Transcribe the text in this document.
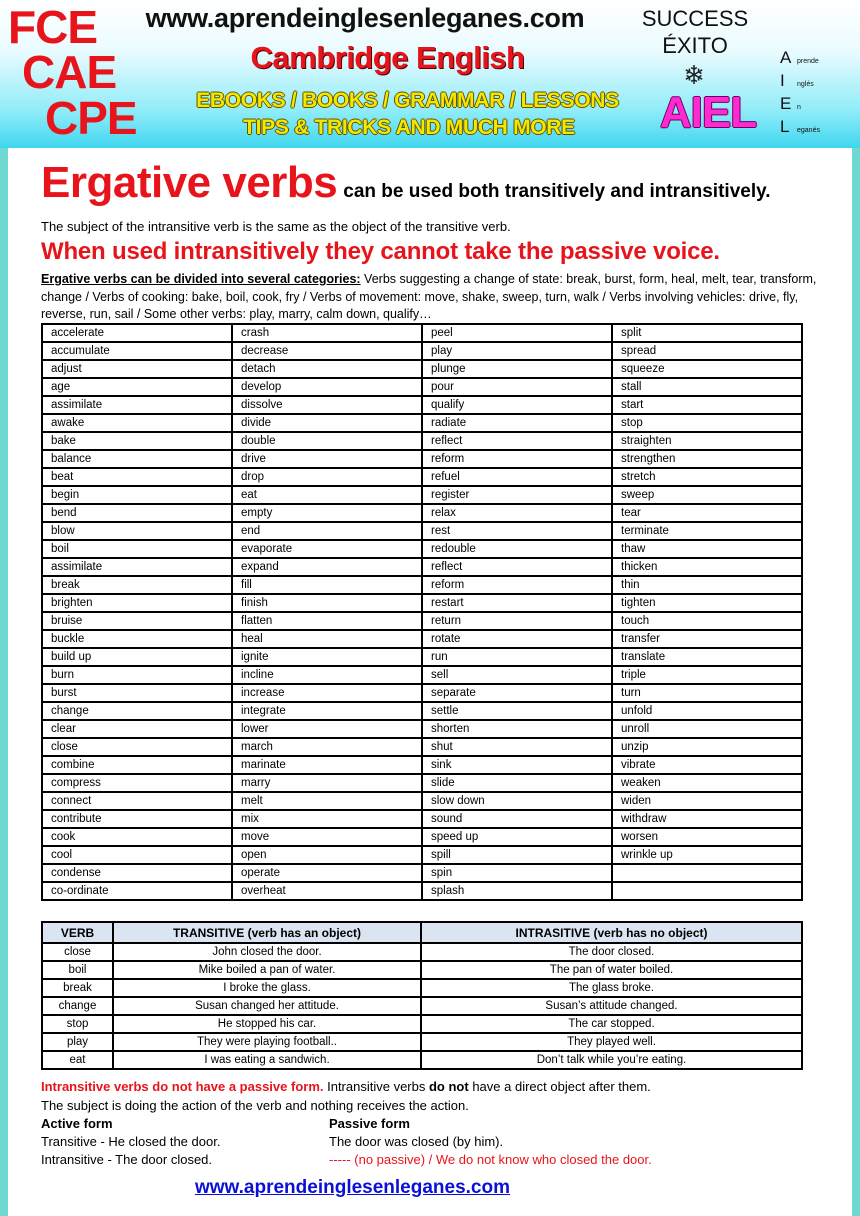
FCE
CAE
CPE
www.aprendeinglesenleganes.com
Cambridge English
EBOOKS / BOOKS / GRAMMAR / LESSONS
TIPS & TRICKS AND MUCH MORE
SUCCESS
ÉXITO
❄
AIEL
Aprende
I nglés
En
L eganés
Ergative verbs can be used both transitively and intransitively.
The subject of the intransitive verb is the same as the object of the transitive verb.
When used intransitively they cannot take the passive voice.
Ergative verbs can be divided into several categories: Verbs suggesting a change of state: break, burst, form, heal, melt, tear, transform, change / Verbs of cooking: bake, boil, cook, fry / Verbs of movement: move, shake, sweep, turn, walk / Verbs involving vehicles: drive, fly, reverse, run, sail / Some other verbs: play, marry, calm down, qualify…
accelerate	crash	peel	split
accumulate	decrease	play	spread
adjust	detach	plunge	squeeze
age	develop	pour	stall
assimilate	dissolve	qualify	start
awake	divide	radiate	stop
bake	double	reflect	straighten
balance	drive	reform	strengthen
beat	drop	refuel	stretch
begin	eat	register	sweep
bend	empty	relax	tear
blow	end	rest	terminate
boil	evaporate	redouble	thaw
assimilate	expand	reflect	thicken
break	fill	reform	thin
brighten	finish	restart	tighten
bruise	flatten	return	touch
buckle	heal	rotate	transfer
build up	ignite	run	translate
burn	incline	sell	triple
burst	increase	separate	turn
change	integrate	settle	unfold
clear	lower	shorten	unroll
close	march	shut	unzip
combine	marinate	sink	vibrate
compress	marry	slide	weaken
connect	melt	slow down	widen
contribute	mix	sound	withdraw
cook	move	speed up	worsen
cool	open	spill	wrinkle up
condense	operate	spin	
co-ordinate	overheat	splash	
VERB	TRANSITIVE (verb has an object)	INTRASITIVE (verb has no object)
close	John closed the door.	The door closed.
boil	Mike boiled a pan of water.	The pan of water boiled.
break	I broke the glass.	The glass broke.
change	Susan changed her attitude.	Susan’s attitude changed.
stop	He stopped his car.	The car stopped.
play	They were playing football..	They played well.
eat	I was eating a sandwich.	Don’t talk while you’re eating.
Intransitive verbs do not have a passive form. Intransitive verbs do not have a direct object after them.
The subject is doing the action of the verb and nothing receives the action.
Active form	Passive form
Transitive - He closed the door.	The door was closed (by him).
Intransitive - The door closed.	----- (no passive) / We do not know who closed the door.
www.aprendeinglesenleganes.com
